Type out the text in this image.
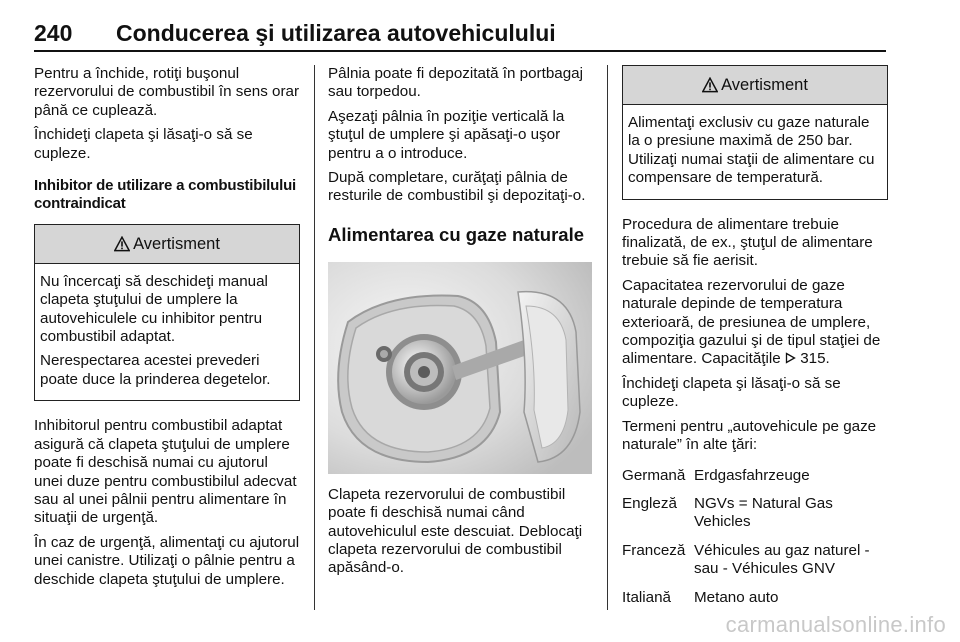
240 Conducerea şi utilizarea autovehiculului

Pentru a închide, rotiţi buşonul rezervorului de combustibil în sens orar până ce cuplează.

Închideţi clapeta şi lăsaţi-o să se cupleze.

Inhibitor de utilizare a combustibilului contraindicat
Avertisment

Nu încercaţi să deschideţi manual clapeta ştuţului de umplere la autovehiculele cu inhibitor pentru combustibil adaptat.

Nerespectarea acestei prevederi poate duce la prinderea degetelor.

Inhibitorul pentru combustibil adaptat asigură că clapeta ştuţului de umplere poate fi deschisă numai cu ajutorul unei duze pentru combustibilul adecvat sau al unei pâlnii pentru alimentare în situaţii de urgenţă.

În caz de urgenţă, alimentaţi cu ajutorul unei canistre. Utilizaţi o pâlnie pentru a deschide clapeta ştuţului de umplere.

Pâlnia poate fi depozitată în portbagaj sau torpedou.

Aşezaţi pâlnia în poziţie verticală la ştuţul de umplere şi apăsaţi-o uşor pentru a o introduce.

După completare, curăţaţi pâlnia de resturile de combustibil şi depozitaţi-o.

Alimentarea cu gaze naturale

Clapeta rezervorului de combustibil poate fi deschisă numai când autovehiculul este descuiat. Deblocaţi clapeta rezervorului de combustibil apăsând-o.

Avertisment

Alimentaţi exclusiv cu gaze naturale la o presiune maximă de 250 bar. Utilizaţi numai staţii de alimentare cu compensare de temperatură.

Procedura de alimentare trebuie finalizată, de ex., ştuţul de alimentare trebuie să fie aerisit.

Capacitatea rezervorului de gaze naturale depinde de temperatura exterioară, de presiunea de umplere, compoziţia gazului şi de tipul staţiei de alimentare. Capacităţile 315.

Închideţi clapeta şi lăsaţi-o să se cupleze.

Termeni pentru „autovehicule pe gaze naturale” în alte ţări:

Germană Erdgasfahrzeuge
Engleză	NGVs = Natural Gas Vehicles
Franceză Véhicules au gaz naturel - sau - Véhicules GNV
Italiană	Metano auto
carmanualsonline.info
